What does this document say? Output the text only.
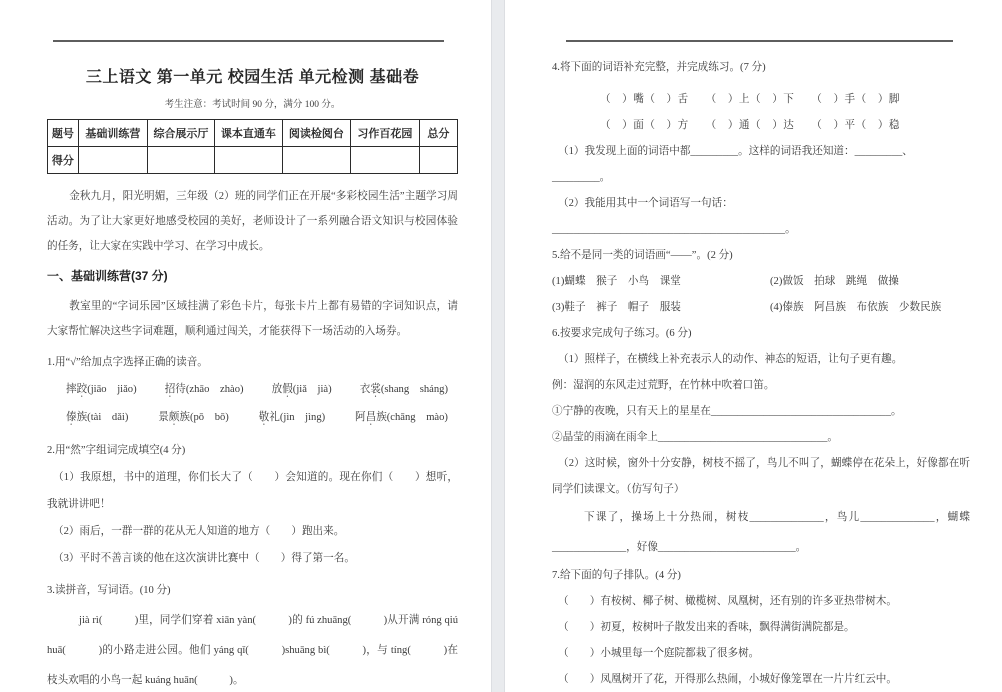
三上语文 第一单元 校园生活 单元检测 基础卷

考生注意：考试时间 90 分，满分 100 分。

题号	基础训练营	综合展示厅	课本直通车	阅读检阅台	习作百花园	总分
得分						

金秋九月，阳光明媚，三年级（2）班的同学们正在开展“多彩校园生活”主题学习周活动。为了让大家更好地感受校园的美好，老师设计了一系列融合语文知识与校园体验的任务，让大家在实践中学习、在学习中成长。

一、基础训练营(37 分)

教室里的“字词乐园”区域挂满了彩色卡片，每张卡片上都有易错的字词知识点，请大家帮忙解决这些字词难题，顺利通过闯关，才能获得下一场活动的入场券。

1.用“√”给加点字选择正确的读音。

摔跤(jiāo　jiǎo)	招待(zhāo　zhào)	放假(jiǎ　jià)	衣裳(shang　sháng)
傣族(tài　dǎi)	景颇族(pō　bō)	敬礼(jìn　jìng)	阿昌族(chāng　mào)

2.用“然”字组词完成填空(4 分)

（1）我原想，书中的道理，你们长大了（　　）会知道的。现在你们（　　）想听，我就讲讲吧！

（2）雨后，一群一群的花从无人知道的地方（　　）跑出来。

（3）平时不善言谈的他在这次演讲比赛中（　　）得了第一名。

3.读拼音，写词语。(10 分)

jià rì(　　　)里，同学们穿着 xiān yàn(　　　)的 fú zhuāng(　　　)从开满 róng qiú huā(　　　)的小路走进公园。他们 yáng qǐ(　　　)shuāng bì(　　　)，与 tíng(　　　)在枝头欢唱的小鸟一起 kuáng huān(　　　)。

4.将下面的词语补充完整，并完成练习。(7 分)

（　）嘴（　）舌　　（　）上（　）下　　（　）手（　）脚

（　）面（　）方　　（　）通（　）达　　（　）平（　）稳

（1）我发现上面的词语中都_________。这样的词语我还知道：_________、_________。

（2）我能用其中一个词语写一句话：____________________________________________。

5.给不是同一类的词语画“——”。(2 分)

(1)蝴蝶　猴子　小鸟　课堂	(2)做饭　拍球　跳绳　做操
(3)鞋子　裤子　帽子　服装	(4)傣族　阿昌族　布依族　少数民族

6.按要求完成句子练习。(6 分)

（1）照样子，在横线上补充表示人的动作、神态的短语，让句子更有趣。

例：湿润的东风走过荒野，在竹林中吹着口笛。

①宁静的夜晚，只有天上的星星在__________________________________。

②晶莹的雨滴在雨伞上________________________________。

（2）这时候，窗外十分安静，树枝不摇了，鸟儿不叫了，蝴蝶停在花朵上，好像都在听同学们读课文。（仿写句子）

下课了，操场上十分热闹，树枝______________，鸟儿______________，蝴蝶______________，好像__________________________。

7.给下面的句子排队。(4 分)

（　　）有桉树、椰子树、橄榄树、凤凰树，还有别的许多亚热带树木。

（　　）初夏，桉树叶子散发出来的香味，飘得满街满院都是。

（　　）小城里每一个庭院都栽了很多树。

（　　）凤凰树开了花，开得那么热闹，小城好像笼罩在一片片红云中。
